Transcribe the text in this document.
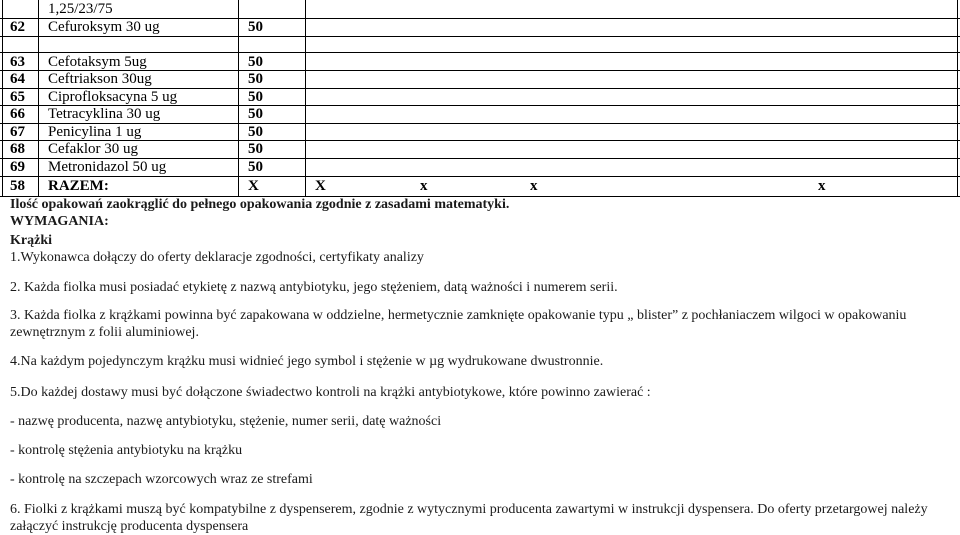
1,25/23/75
62 Cefuroksym 30 ug	50
63 Cefotaksym 5ug	50
64 Ceftriakson 30ug	50
65 Ciprofloksacyna 5 ug	50
66 Tetracyklina 30 ug	50
67 Penicylina 1 ug	50
68 Cefaklor 30 ug	50
69 Metronidazol 50 ug	50
58 RAZEM:	X	X	x	x	x
Ilość opakowań zaokrąglić do pełnego opakowania zgodnie z zasadami matematyki.
WYMAGANIA:
Krążki
1.Wykonawca dołączy do oferty deklaracje zgodności, certyfikaty analizy
2. Każda fiolka musi posiadać etykietę z nazwą antybiotyku, jego stężeniem, datą ważności i numerem serii.
3. Każda fiolka z krążkami powinna być zapakowana w oddzielne, hermetycznie zamknięte opakowanie typu „ blister” z pochłaniaczem wilgoci w opakowaniu zewnętrznym z folii aluminiowej.
4.Na każdym pojedynczym krążku musi widnieć jego symbol i stężenie w µg wydrukowane dwustronnie.
5.Do każdej dostawy musi być dołączone świadectwo kontroli na krążki antybiotykowe, które powinno zawierać :
- nazwę producenta, nazwę antybiotyku, stężenie, numer serii, datę ważności
- kontrolę stężenia antybiotyku na krążku
- kontrolę na szczepach wzorcowych wraz ze strefami
6. Fiolki z krążkami muszą być kompatybilne z dyspenserem, zgodnie z wytycznymi producenta zawartymi w instrukcji dyspensera. Do oferty przetargowej należy załączyć instrukcję producenta dyspensera
